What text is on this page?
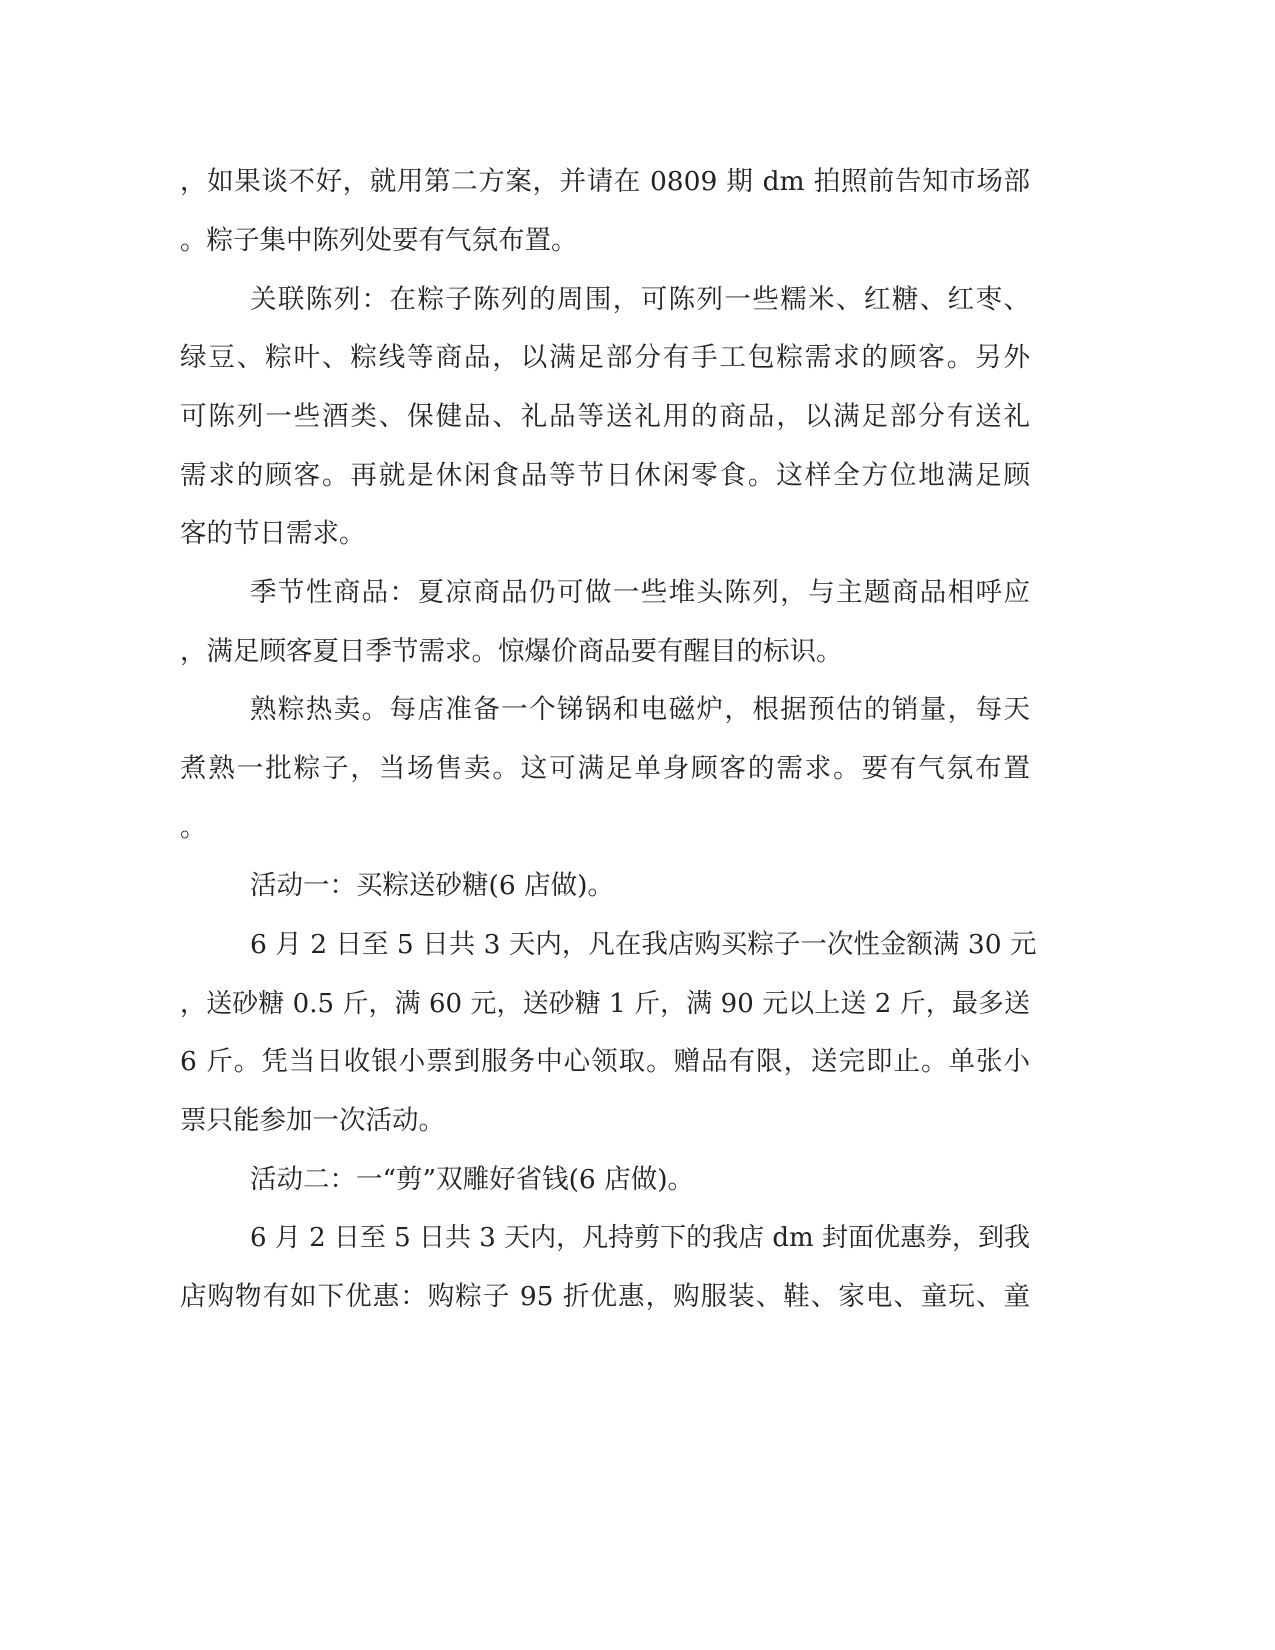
，如果谈不好，就用第二方案，并请在 0809 期 dm 拍照前告知市场部

。粽子集中陈列处要有气氛布置。

关联陈列：在粽子陈列的周围，可陈列一些糯米、红糖、红枣、

绿豆、粽叶、粽线等商品，以满足部分有手工包粽需求的顾客。另外

可陈列一些酒类、保健品、礼品等送礼用的商品，以满足部分有送礼

需求的顾客。再就是休闲食品等节日休闲零食。这样全方位地满足顾

客的节日需求。

季节性商品：夏凉商品仍可做一些堆头陈列，与主题商品相呼应

，满足顾客夏日季节需求。惊爆价商品要有醒目的标识。

熟粽热卖。每店准备一个锑锅和电磁炉，根据预估的销量，每天

煮熟一批粽子，当场售卖。这可满足单身顾客的需求。要有气氛布置

。

活动一：买粽送砂糖(6 店做)。

6 月 2 日至 5 日共 3 天内，凡在我店购买粽子一次性金额满 30 元

，送砂糖 0.5 斤，满 60 元，送砂糖 1 斤，满 90 元以上送 2 斤，最多送

6 斤。凭当日收银小票到服务中心领取。赠品有限，送完即止。单张小

票只能参加一次活动。

活动二：一“剪”双雕好省钱(6 店做)。

6 月 2 日至 5 日共 3 天内，凡持剪下的我店 dm 封面优惠券，到我

店购物有如下优惠：购粽子 95 折优惠，购服装、鞋、家电、童玩、童
